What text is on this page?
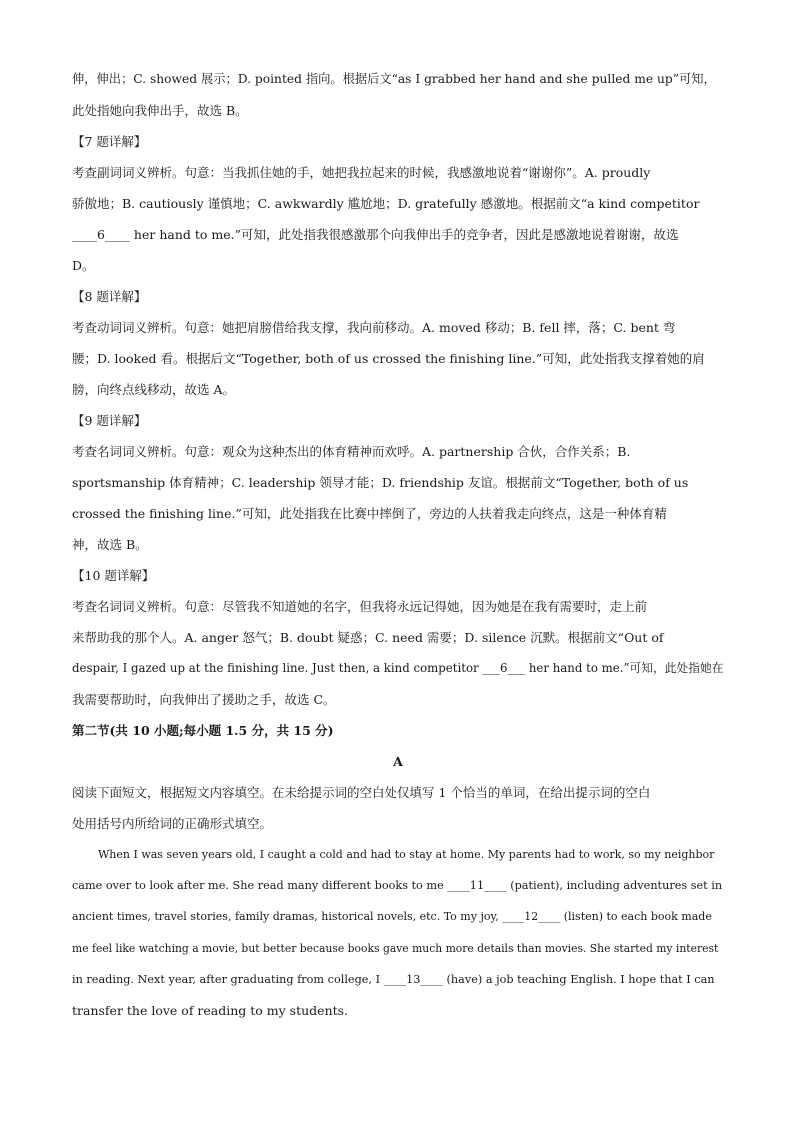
伸，伸出；C. showed 展示；D. pointed 指向。根据后文“as I grabbed her hand and she pulled me up”可知，
此处指她向我伸出手，故选 B。
【7 题详解】
考查副词词义辨析。句意：当我抓住她的手，她把我拉起来的时候，我感激地说着“谢谢你”。A. proudly
骄傲地；B. cautiously 谨慎地；C. awkwardly 尴尬地；D. gratefully 感激地。根据前文“a kind competitor
____6____ her hand to me.”可知，此处指我很感激那个向我伸出手的竞争者，因此是感激地说着谢谢，故选
D。
【8 题详解】
考查动词词义辨析。句意：她把肩膀借给我支撑，我向前移动。A. moved 移动；B. fell 摔，落；C. bent 弯
腰；D. looked 看。根据后文“Together, both of us crossed the finishing line.”可知，此处指我支撑着她的肩
膀，向终点线移动，故选 A。
【9 题详解】
考查名词词义辨析。句意：观众为这种杰出的体育精神而欢呼。A. partnership 合伙，合作关系；B.
sportsmanship 体育精神；C. leadership 领导才能；D. friendship 友谊。根据前文“Together, both of us
crossed the finishing line.”可知，此处指我在比赛中摔倒了，旁边的人扶着我走向终点，这是一种体育精
神，故选 B。
【10 题详解】
考查名词词义辨析。句意：尽管我不知道她的名字，但我将永远记得她，因为她是在我有需要时，走上前
来帮助我的那个人。A. anger 怒气；B. doubt 疑惑；C. need 需要；D. silence 沉默。根据前文“Out of
despair, I gazed up at the finishing line. Just then, a kind competitor ___6___ her hand to me.”可知，此处指她在
我需要帮助时，向我伸出了援助之手，故选 C。
第二节(共 10 小题;每小题 1.5 分，共 15 分)
A
阅读下面短文，根据短文内容填空。在未给提示词的空白处仅填写 1 个恰当的单词，在给出提示词的空白
处用括号内所给词的正确形式填空。
When I was seven years old, I caught a cold and had to stay at home. My parents had to work, so my neighbor
came over to look after me. She read many different books to me ____11____ (patient), including adventures set in
ancient times, travel stories, family dramas, historical novels, etc. To my joy, ____12____ (listen) to each book made
me feel like watching a movie, but better because books gave much more details than movies. She started my interest
in reading. Next year, after graduating from college, I ____13____ (have) a job teaching English. I hope that I can
transfer the love of reading to my students.
